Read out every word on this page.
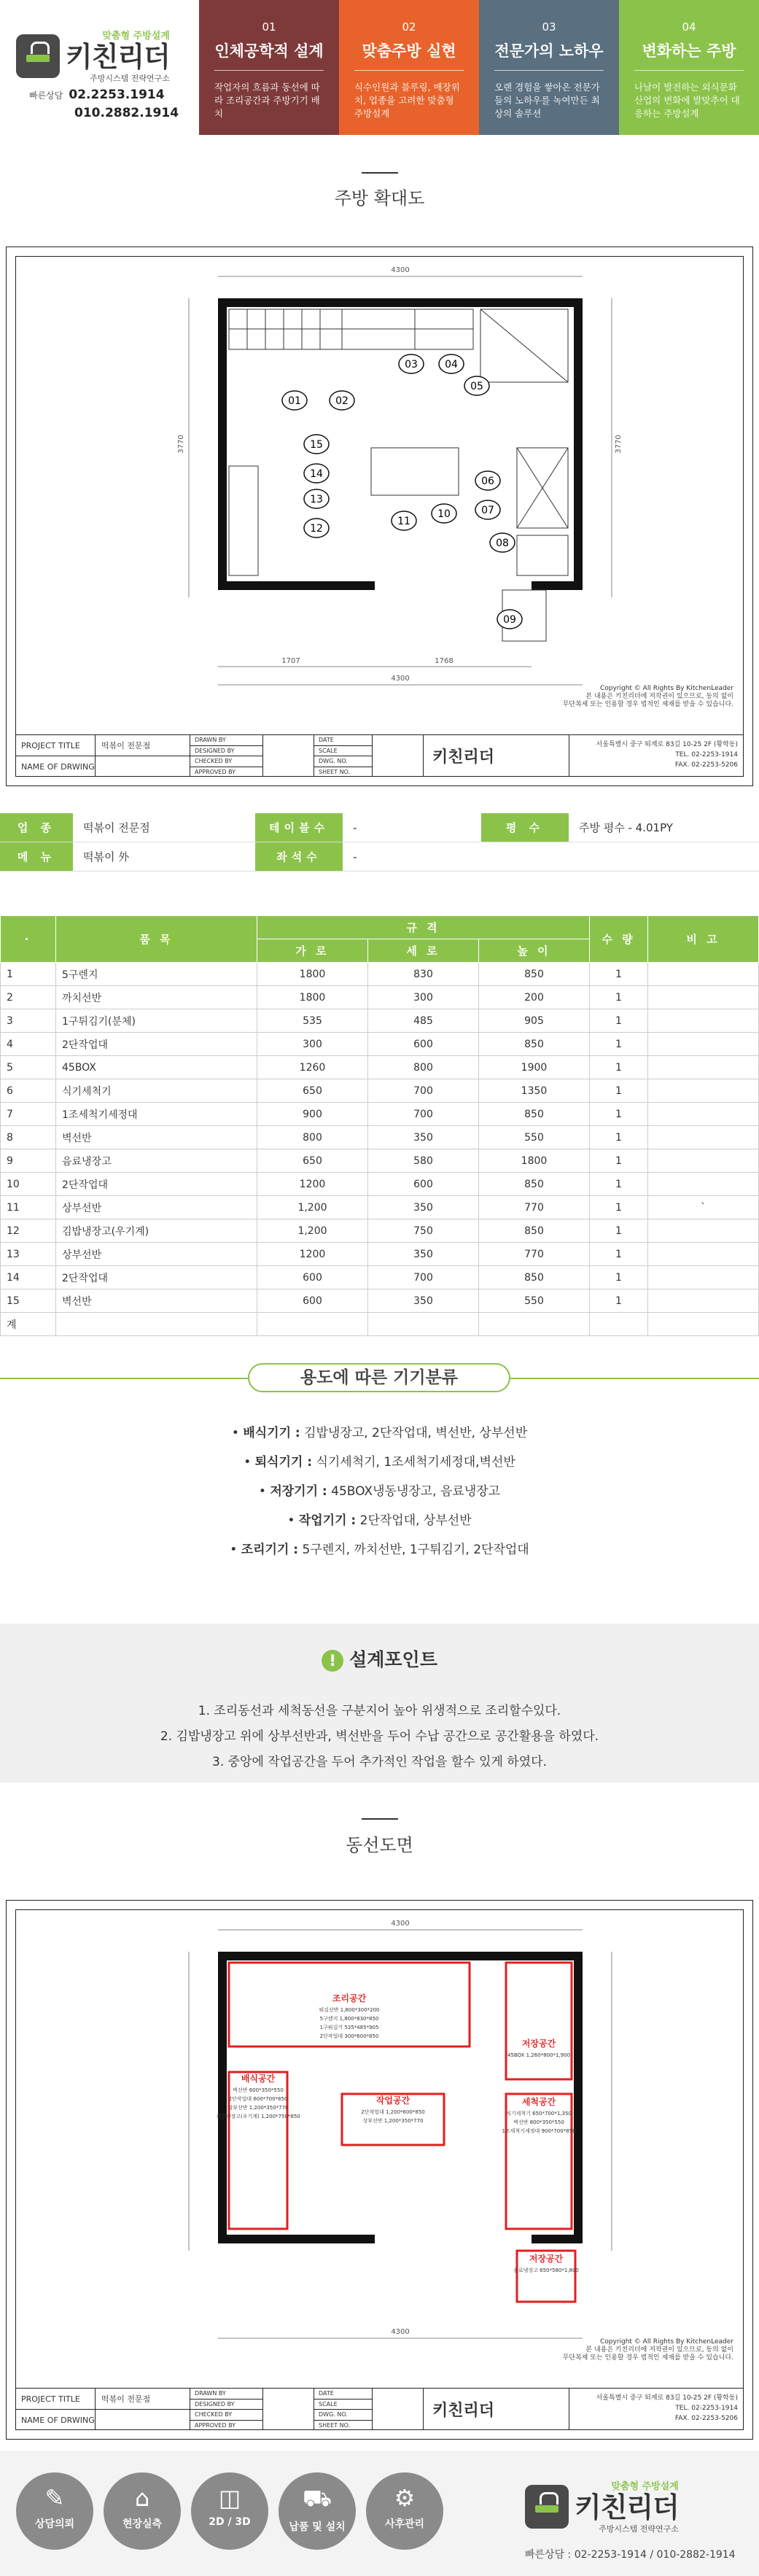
맞춤형 주방설계
키친리더
주방시스템 전략연구소
빠른상담 02.2253.1914
010.2882.1914
01
인체공학적 설계
작업자의 흐름과 동선에 따라 조리공간과 주방기기 배치
02
맞춤주방 실현
식수인원과 블루링, 매장위치, 업종을 고려한 맞춤형 주방설계
03
전문가의 노하우
오랜 경험을 쌓아온 전문가들의 노하우를 녹여만든 최상의 솔루션
04
변화하는 주방
나날이 발전하는 외식문화 산업의 변화에 발맞추어 대응하는 주방설계
주방 확대도
4300
4300
3770	3770
1707	1768
01	02
03	04
05
06
07
08
09
10
11
12
13
14
15
Copyright © All Rights By KitchenLeader
본 내용은 키친리더에 저작권이 있으므로, 동의 없이
무단복제 또는 인용할 경우 법적인 제재를 받을 수 있습니다.
PROJECT TITLE
NAME OF DRWING
떡볶이 전문점
DRAWN BY
DESIGNED BY
CHECKED BY
APPROVED BY
DATE
SCALE
DWG. NO.
SHEET NO.
키친리더
서울특별시 중구 퇴계로 83길 10-25 2F (황학동)
TEL. 02-2253-1914
FAX. 02-2253-5206
업 종	떡볶이 전문점	테이블수	-	평 수	주방 평수 - 4.01PY
메 뉴	떡볶이 外	좌석수	-
·	품 목	규 격			수 량	비 고
		가 로	세 로	높 이		
1	5구렌지	1800	830	850	1	
2	까치선반	1800	300	200	1	
3	1구튀김기(분체)	535	485	905	1	
4	2단작업대	300	600	850	1	
5	45BOX	1260	800	1900	1	
6	식기세척기	650	700	1350	1	
7	1조세척기세정대	900	700	850	1	
8	벽선반	800	350	550	1	
9	음료냉장고	650	580	1800	1	
10	2단작업대	1200	600	850	1	
11	상부선반	1,200	350	770	1	`
12	김밥냉장고(우기계)	1,200	750	850	1	
13	상부선반	1200	350	770	1	
14	2단작업대	600	700	850	1	
15	벽선반	600	350	550	1	
계						
용도에 따른 기기분류
• 배식기기 : 김밥냉장고, 2단작업대, 벽선반, 상부선반
• 퇴식기기 : 식기세척기, 1조세척기세정대,벽선반
• 저장기기 : 45BOX냉동냉장고, 음료냉장고
• 작업기기 : 2단작업대, 상부선반
• 조리기기 : 5구렌지, 까치선반, 1구튀김기, 2단작업대
! 설계포인트
1. 조리동선과 세척동선을 구분지어 높아 위생적으로 조리할수있다.
2. 김밥냉장고 위에 상부선반과, 벽선반을 두어 수납 공간으로 공간활용을 하였다.
3. 중앙에 작업공간을 두어 추가적인 작업을 할수 있게 하였다.
동선도면
4300
4300
조리공간
튀김선반 1,800*300*200
5구렌지 1,800*830*850
1구튀김기 535*485*905
2단작업대 300*600*850
배식공간
벽선반 600*350*550
2단작업대 600*700*850
상부선반 1,200*350*770
김밥냉장고(우기계) 1,200*750*850
작업공간
2단작업대 1,200*600*850
상부선반 1,200*350*770
저장공간
45BOX 1,260*800*1,900
세척공간
식기세척기 650*700*1,350
벽선반 800*350*550
1조세척기세정대 900*700*850
저장공간
음료냉장고 650*580*1,800
Copyright © All Rights By KitchenLeader
본 내용은 키친리더에 저작권이 있으므로, 동의 없이
무단복제 또는 인용할 경우 법적인 제재를 받을 수 있습니다.
PROJECT TITLE
NAME OF DRWING
떡볶이 전문점
DRAWN BY
DESIGNED BY
CHECKED BY
APPROVED BY
DATE
SCALE
DWG. NO.
SHEET NO.
키친리더
서울특별시 중구 퇴계로 83길 10-25 2F (황학동)
TEL. 02-2253-1914
FAX. 02-2253-5206
✎
상담의뢰
⌂
현장실측
◫
2D / 3D
⛟
납품 및 설치
⚙
사후관리
맞춤형 주방설계
키친리더
주방시스템 전략연구소
빠른상담 : 02-2253-1914 / 010-2882-1914
